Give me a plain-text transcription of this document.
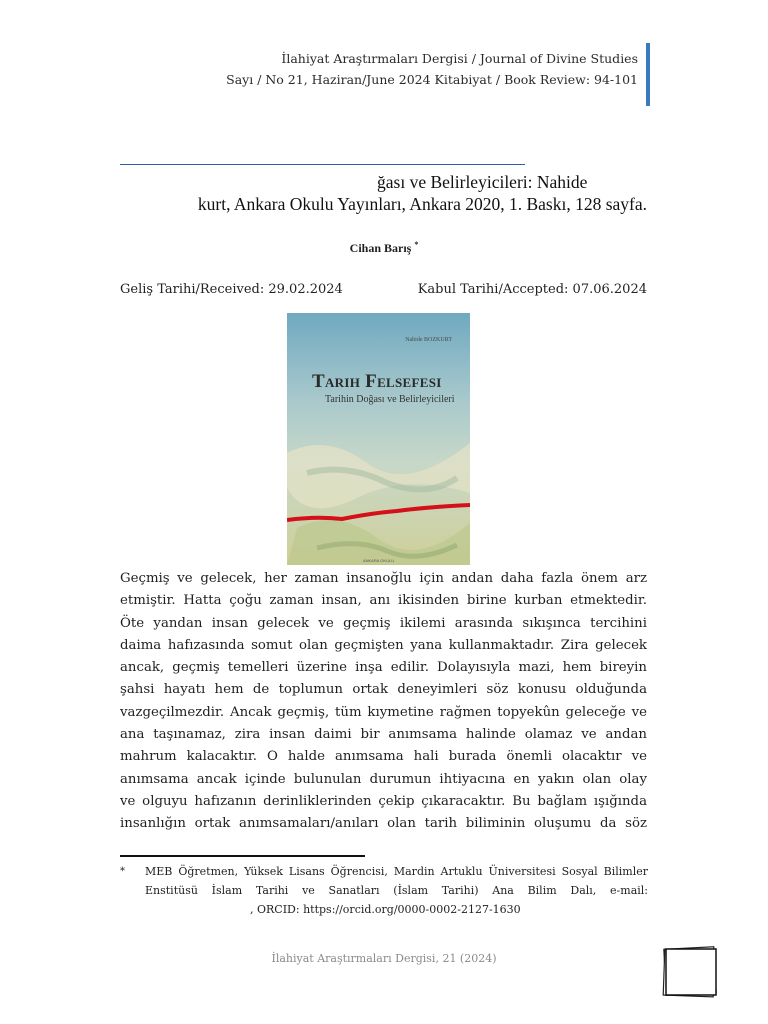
İlahiyat Araştırmaları Dergisi / Journal of Divine Studies
Sayı / No 21, Haziran/June 2024 Kitabiyat / Book Review: 94-101
ğası ve Belirleyicileri: Nahide
kurt, Ankara Okulu Yayınları, Ankara 2020, 1. Baskı, 128 sayfa.
Cihan Barış *
Geliş Tarihi/Received: 29.02.2024	Kabul Tarihi/Accepted: 07.06.2024
Nahide BOZKURT
Tarih Felsefesi
Tarihin Doğası ve Belirleyicileri
ANKARA OKULU
Geçmiş ve gelecek, her zaman insanoğlu için andan daha fazla önem arz
etmiştir. Hatta çoğu zaman insan, anı ikisinden birine kurban etmektedir.
Öte yandan insan gelecek ve geçmiş ikilemi arasında sıkışınca tercihini
daima hafızasında somut olan geçmişten yana kullanmaktadır. Zira gelecek
ancak, geçmiş temelleri üzerine inşa edilir. Dolayısıyla mazi, hem bireyin
şahsi hayatı hem de toplumun ortak deneyimleri söz konusu olduğunda
vazgeçilmezdir. Ancak geçmiş, tüm kıymetine rağmen topyekûn geleceğe ve
ana taşınamaz, zira insan daimi bir anımsama halinde olamaz ve andan
mahrum kalacaktır. O halde anımsama hali burada önemli olacaktır ve
anımsama ancak içinde bulunulan durumun ihtiyacına en yakın olan olay
ve olguyu hafızanın derinliklerinden çekip çıkaracaktır. Bu bağlam ışığında
insanlığın ortak anımsamaları/anıları olan tarih biliminin oluşumu da söz
* MEB Öğretmen, Yüksek Lisans Öğrencisi, Mardin Artuklu Üniversitesi Sosyal Bilimler
Enstitüsü İslam Tarihi ve Sanatları (İslam Tarihi) Ana Bilim Dalı, e-mail:
, ORCID: https://orcid.org/0000-0002-2127-1630
İlahiyat Araştırmaları Dergisi, 21 (2024)
